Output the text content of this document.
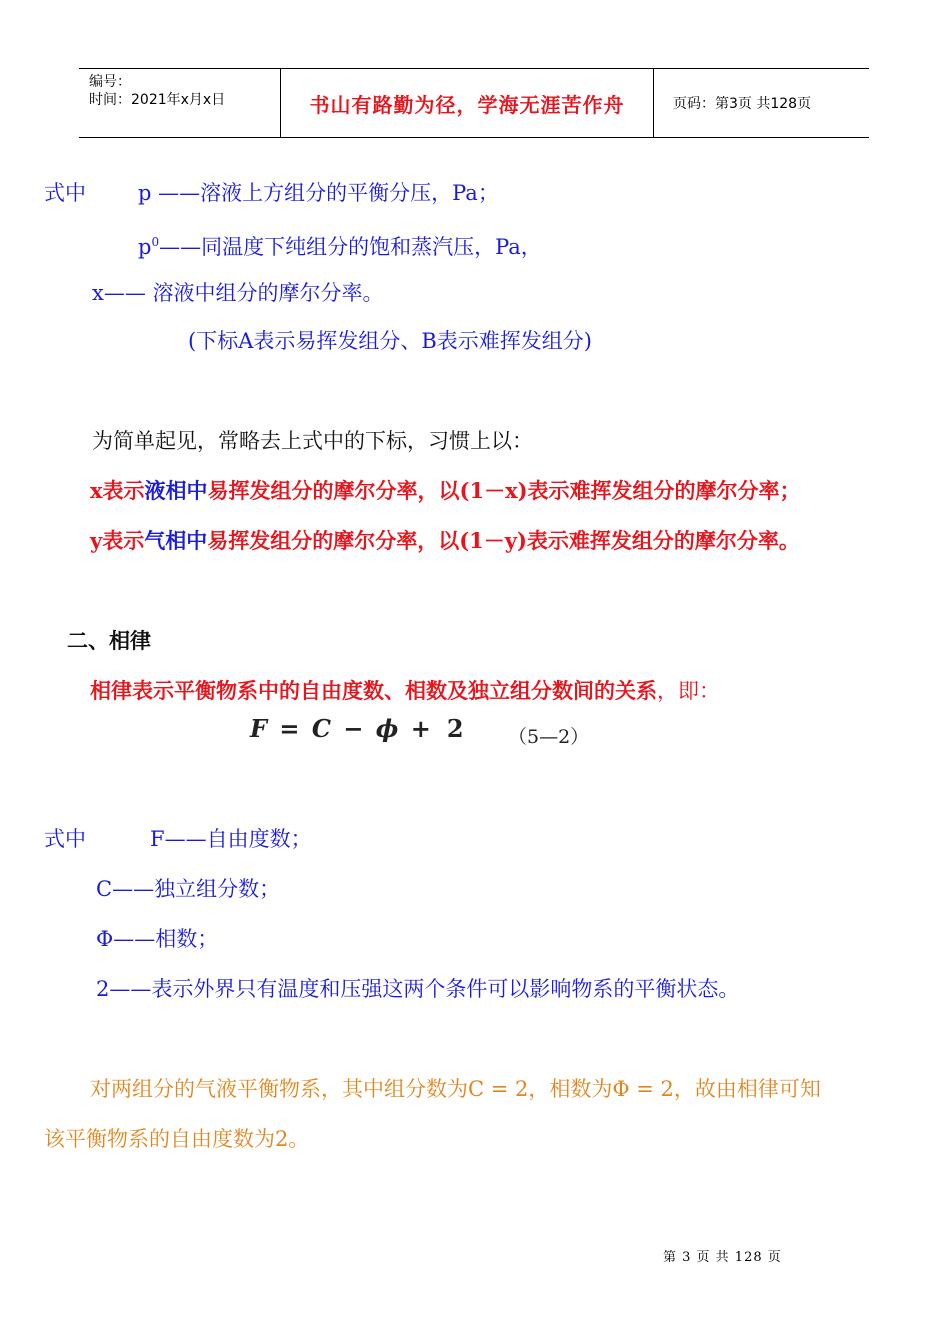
编号：
时间：2021年x月x日	书山有路勤为径，学海无涯苦作舟	页码：第3页 共128页
式中 p ——溶液上方组分的平衡分压，Pa；
$p^0——$同温度下纯组分的饱和蒸汽压，Pa，
x—— 溶液中组分的摩尔分率。
(下标A表示易挥发组分、B表示难挥发组分)
为简单起见，常略去上式中的下标，习惯上以：
x表示液相中易挥发组分的摩尔分率，以(1－x)表示难挥发组分的摩尔分率；
y表示气相中易挥发组分的摩尔分率，以(1－y)表示难挥发组分的摩尔分率。
二、相律
相律表示平衡物系中的自由度数、相数及独立组分数间的关系，即：
F = C − ϕ + 2 （5—2）
式中	F——自由度数；
C——独立组分数；
Φ——相数；
2——表示外界只有温度和压强这两个条件可以影响物系的平衡状态。
对两组分的气液平衡物系，其中组分数为C = 2，相数为Φ = 2，故由相律可知
该平衡物系的自由度数为2。
第 3 页 共 128 页
